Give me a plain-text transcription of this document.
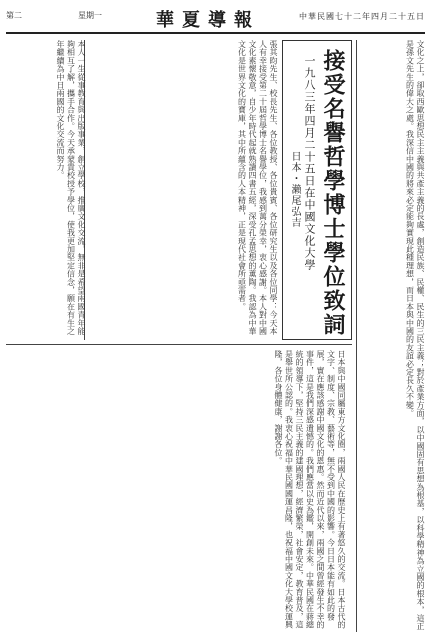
第二	星期一	華夏導報	中華民國七十二年四月二十五日
文化之上，卻取西歐思想民主主義與共產主義的長處，創造民族、民權、民生的三民主義；對於產業方面，以中國固有思想為根基，以科學精神為立國的根本，這正是孫文先生的偉大之處。我深信中國的將來必定能夠實現此種理想，而日本與中國的友誼必定長久不變。
接受名譽哲學博士學位致詞
一九八三年四月二十五日在中國文化大學
日本・瀨尾弘吉
張其昀先生、校長先生、各位教授、各位貴賓、各位研究生以及各位同學：今天本人有幸接受第二十屆哲學博士名譽學位，我感到萬分榮幸，衷心感謝。本人對中國文化素懷敬意，自少年時代起就熟讀四書五經，深受孔孟思想的薰陶。我認為中華文化是世界文化的寶庫，其中所蘊含的人本精神，正是現代社會所亟需者。
本人一生從事教育與出版事業，創立學校，推廣文化交流，無非是希望兩國青年能夠相互了解，攜手合作。今天承蒙貴校授予學位，使我更加堅定信念，願在有生之年繼續為中日兩國的文化交流而努力。
日本與中國同屬東方文化圈，兩國人民在歷史上有著悠久的交流。日本古代的文字、制度、宗教、藝術等，無不受到中國的影響。今日日本能有如此的發展，實在應該感謝中國文化的恩惠。然而近代以來，兩國之間曾經發生不幸的事件，這是我們深感遺憾的。我們應當以史為鑑，開創未來。中華民國在蔣總統的領導下，堅持三民主義的建國理想，經濟繁榮，社會安定，教育普及，這是舉世所公認的。我衷心祝福中華民國國運昌隆，也祝福中國文化大學校運興隆，各位身體健康，謝謝各位。
